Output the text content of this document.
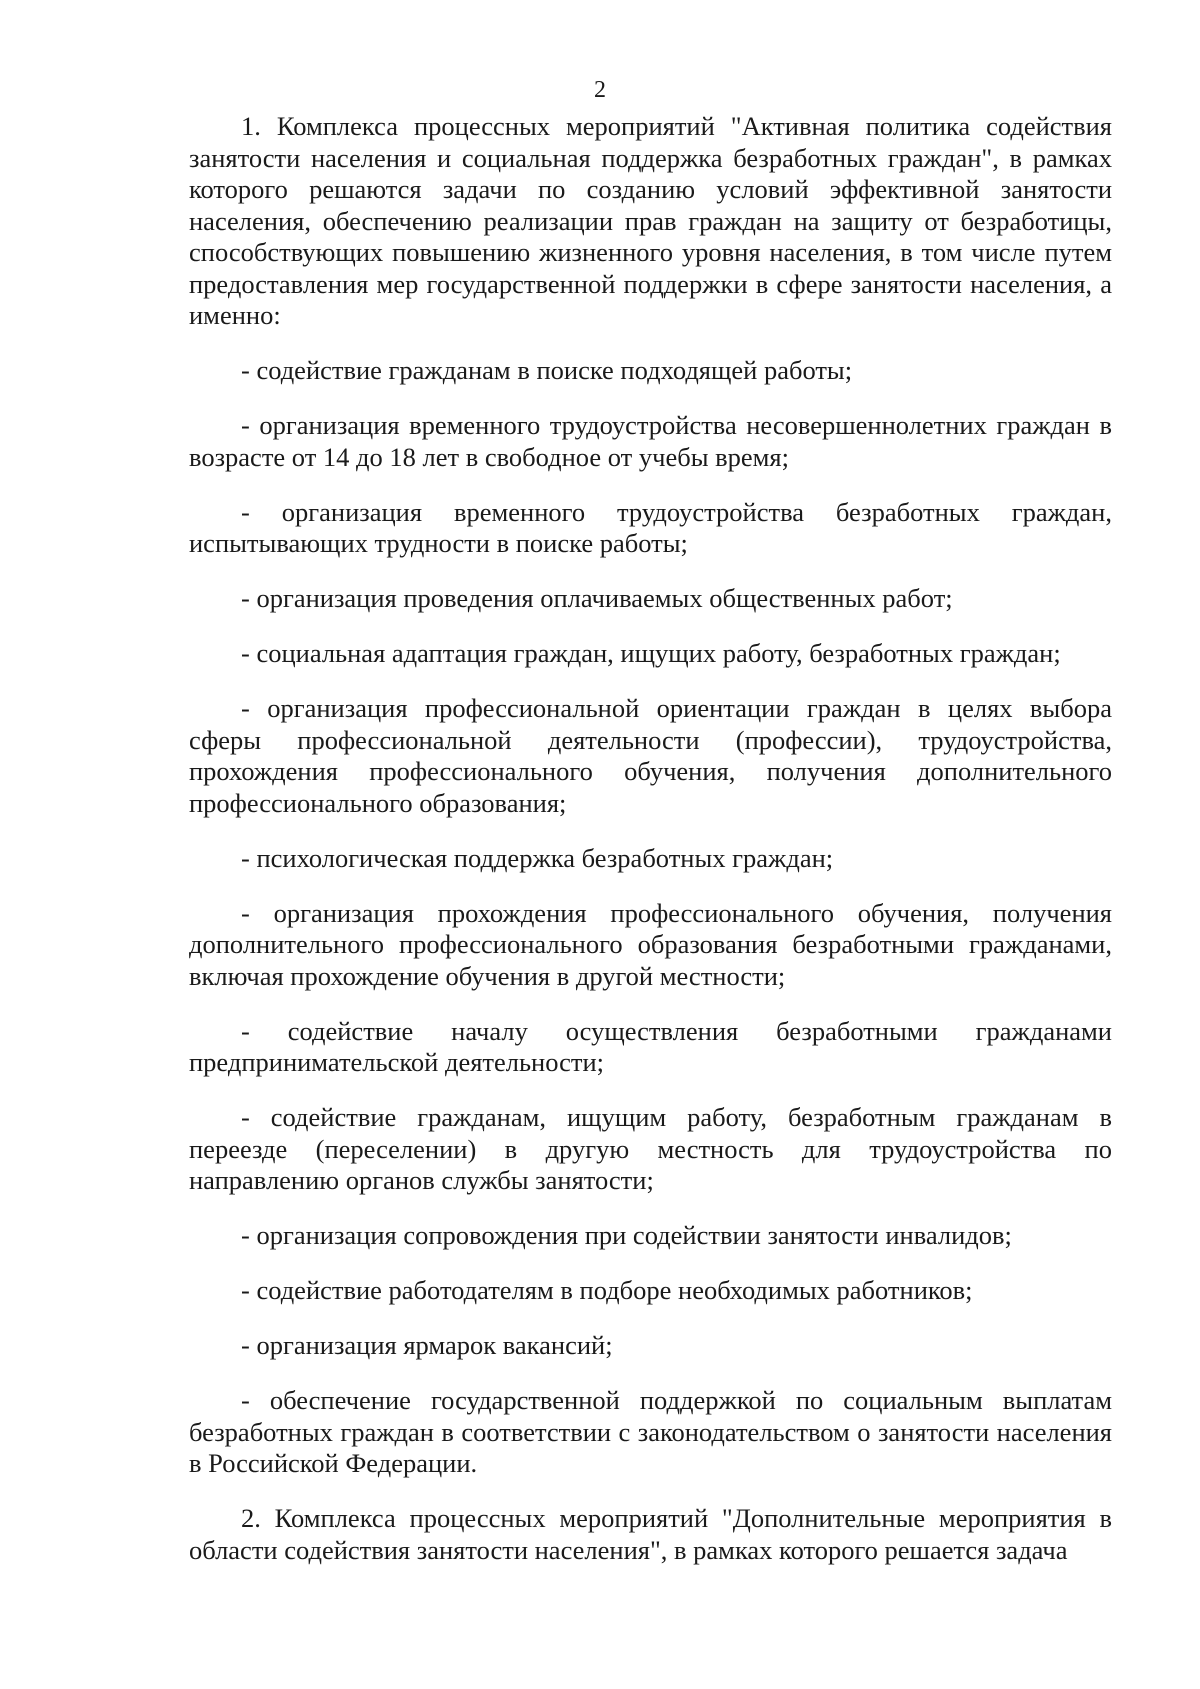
2

1. Комплекса процессных мероприятий "Активная политика содействия занятости населения и социальная поддержка безработных граждан", в рамках которого решаются задачи по созданию условий эффективной занятости населения, обеспечению реализации прав граждан на защиту от безработицы, способствующих повышению жизненного уровня населения, в том числе путем предоставления мер государственной поддержки в сфере занятости населения, а именно:

- содействие гражданам в поиске подходящей работы;

- организация временного трудоустройства несовершеннолетних граждан в возрасте от 14 до 18 лет в свободное от учебы время;

- организация временного трудоустройства безработных граждан, испытывающих трудности в поиске работы;

- организация проведения оплачиваемых общественных работ;

- социальная адаптация граждан, ищущих работу, безработных граждан;

- организация профессиональной ориентации граждан в целях выбора сферы профессиональной деятельности (профессии), трудоустройства, прохождения профессионального обучения, получения дополнительного профессионального образования;

- психологическая поддержка безработных граждан;

- организация прохождения профессионального обучения, получения дополнительного профессионального образования безработными гражданами, включая прохождение обучения в другой местности;

- содействие началу осуществления безработными гражданами предпринимательской деятельности;

- содействие гражданам, ищущим работу, безработным гражданам в переезде (переселении) в другую местность для трудоустройства по направлению органов службы занятости;

- организация сопровождения при содействии занятости инвалидов;

- содействие работодателям в подборе необходимых работников;

- организация ярмарок вакансий;

- обеспечение государственной поддержкой по социальным выплатам безработных граждан в соответствии с законодательством о занятости населения в Российской Федерации.

2. Комплекса процессных мероприятий "Дополнительные мероприятия в области содействия занятости населения", в рамках которого решается задача
